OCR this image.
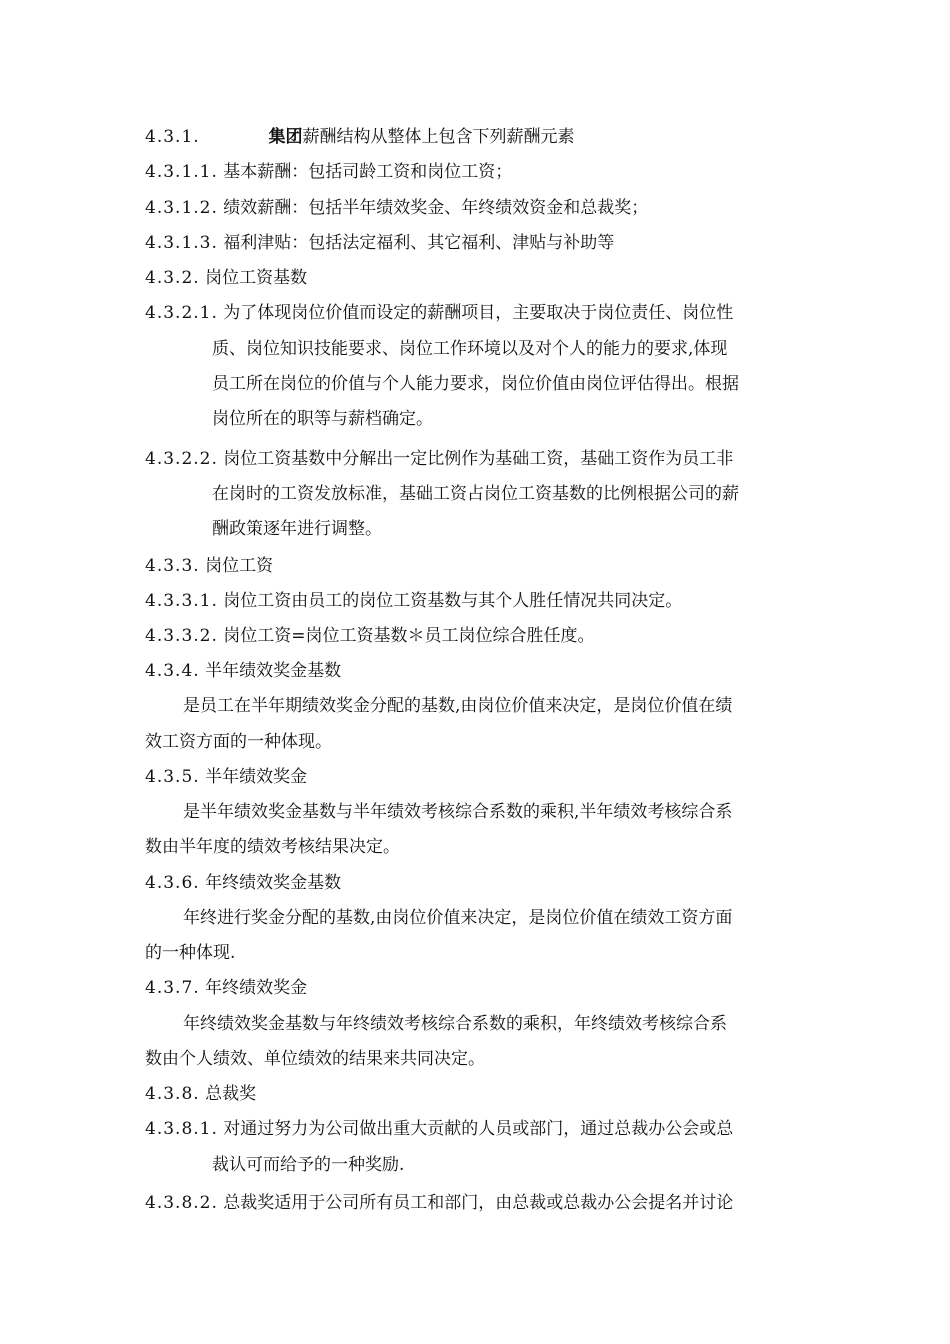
4.3.1.	集团薪酬结构从整体上包含下列薪酬元素
4.3.1.1. 基本薪酬：包括司龄工资和岗位工资；
4.3.1.2. 绩效薪酬：包括半年绩效奖金、年终绩效资金和总裁奖；
4.3.1.3. 福利津贴：包括法定福利、其它福利、津贴与补助等
4.3.2. 岗位工资基数
4.3.2.1. 为了体现岗位价值而设定的薪酬项目，主要取决于岗位责任、岗位性
质、岗位知识技能要求、岗位工作环境以及对个人的能力的要求,体现
员工所在岗位的价值与个人能力要求，岗位价值由岗位评估得出。根据
岗位所在的职等与薪档确定。
4.3.2.2. 岗位工资基数中分解出一定比例作为基础工资，基础工资作为员工非
在岗时的工资发放标准，基础工资占岗位工资基数的比例根据公司的薪
酬政策逐年进行调整。
4.3.3. 岗位工资
4.3.3.1. 岗位工资由员工的岗位工资基数与其个人胜任情况共同决定。
4.3.3.2. 岗位工资=岗位工资基数＊员工岗位综合胜任度。
4.3.4. 半年绩效奖金基数
是员工在半年期绩效奖金分配的基数,由岗位价值来决定，是岗位价值在绩
效工资方面的一种体现。
4.3.5. 半年绩效奖金
是半年绩效奖金基数与半年绩效考核综合系数的乘积,半年绩效考核综合系
数由半年度的绩效考核结果决定。
4.3.6. 年终绩效奖金基数
年终进行奖金分配的基数,由岗位价值来决定，是岗位价值在绩效工资方面
的一种体现.
4.3.7. 年终绩效奖金
年终绩效奖金基数与年终绩效考核综合系数的乘积，年终绩效考核综合系
数由个人绩效、单位绩效的结果来共同决定。
4.3.8. 总裁奖
4.3.8.1. 对通过努力为公司做出重大贡献的人员或部门，通过总裁办公会或总
裁认可而给予的一种奖励.
4.3.8.2. 总裁奖适用于公司所有员工和部门，由总裁或总裁办公会提名并讨论
